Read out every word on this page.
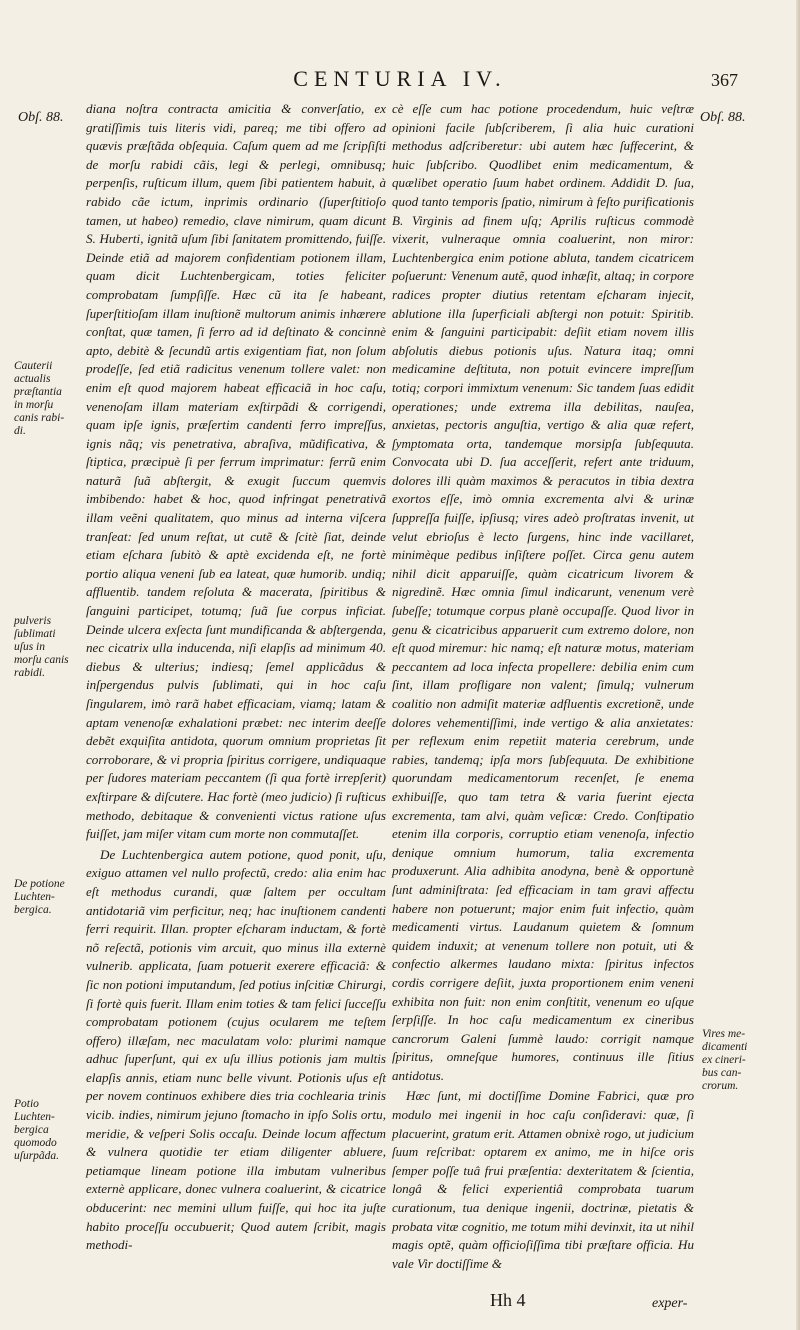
CENTURIA IV.	367
Obſ. 88.	Obſ. 88.

diana noſtra contracta amicitia & converſatio, ex gratiſſimis tuis literis vidi, pareq; me tibi offero ad quævis præſtãda obſequia. Caſum quem ad me ſcripſiſti de morſu rabidi cãis, legi & perlegi, omnibusq; perpenſis, ruſticum illum, quem ſibi patientem habuit, à rabido cãe ictum, inprimis ordinario (ſuperſtitioſo tamen, ut habeo) remedio, clave nimirum, quam dicunt S. Huberti, ignitã uſum ſibi ſanitatem promittendo, fuiſſe. Deinde etiã ad majorem confidentiam potionem illam, quam dicit Luchtenbergicam, toties feliciter comprobatam ſumpſiſſe. Hæc cũ ita ſe habeant, ſuperſtitioſam illam inuſtionẽ multorum animis inhærere conſtat, quæ tamen, ſi ferro ad id deſtinato & concinnè apto, debitè & ſecundũ artis exigentiam fiat, non ſolum prodeſſe, ſed etiã radicitus venenum tollere valet: non enim eſt quod majorem habeat efficaciã in hoc caſu, venenoſam illam materiam exſtirpãdi & corrigendi, quam ipſe ignis, præſertim candenti ferro impreſſus, ignis nãq; vis penetrativa, abraſiva, mũdificativa, & ſtiptica, præcipuè ſi per ferrum imprimatur: ferrũ enim naturã ſuã abſtergit, & exugit ſuccum quemvis imbibendo: habet & hoc, quod infringat penetrativã illam veẽni qualitatem, quo minus ad interna viſcera tranſeat: ſed unum reſtat, ut cutẽ & ſcitè ſiat, deinde etiam eſchara ſubitò & aptè excidenda eſt, ne fortè portio aliqua veneni ſub ea lateat, quæ humorib. undiq; affluentib. tandem reſoluta & macerata, ſpiritibus & ſanguini participet, totumq; ſuã ſue corpus inficiat. Deinde ulcera exſecta ſunt mundificanda & abſtergenda, nec cicatrix ulla inducenda, niſi elapſis ad minimum 40. diebus & ulterius; indiesq; ſemel applicãdus & inſpergendus pulvis ſublimati, qui in hoc caſu ſingularem, imò rarã habet efficaciam, viamq; latam & aptam venenoſæ exhalationi præbet: nec interim deeſſe debẽt exquiſita antidota, quorum omnium proprietas ſit corroborare, & vi propria ſpiritus corrigere, undiquaque per ſudores materiam peccantem (ſi qua fortè irrepſerit) exſtirpare & diſcutere. Hac fortè (meo judicio) ſi ruſticus methodo, debitaque & convenienti victus ratione uſus fuiſſet, jam miſer vitam cum morte non commutaſſet.

De Luchtenbergica autem potione, quod ponit, uſu, exiguo attamen vel nullo profectũ, credo: alia enim hac eſt methodus curandi, quæ ſaltem per occultam antidotariã vim perficitur, neq; hac inuſtionem candenti ferri requirit. Illan. propter eſcharam inductam, & fortè nõ reſectã, potionis vim arcuit, quo minus illa externè vulnerib. applicata, ſuam potuerit exerere efficaciã: & ſic non potioni imputandum, ſed potius inſcitiæ Chirurgi, ſi fortè quis fuerit. Illam enim toties & tam felici ſucceſſu comprobatam potionem (cujus ocularem me teſtem offero) illæſam, nec maculatam volo: plurimi namque adhuc ſuperſunt, qui ex uſu illius potionis jam multis elapſis annis, etiam nunc belle vivunt. Potionis uſus eſt per novem continuos exhibere dies tria cochlearia trinis vicib. indies, nimirum jejuno ſtomacho in ipſo Solis ortu, meridie, & veſperi Solis occaſu. Deinde locum affectum & vulnera quotidie ter etiam diligenter abluere, petiamque lineam potione illa imbutam vulneribus externè applicare, donec vulnera coaluerint, & cicatrice obducerint: nec memini ullum fuiſſe, qui hoc ita juſte habito proceſſu occubuerit; Quod autem ſcribit, magis methodi-

cè eſſe cum hac potione procedendum, huic veſtræ opinioni facile ſubſcriberem, ſi alia huic curationi methodus adſcriberetur: ubi autem hæc ſuffecerint, & huic ſubſcribo. Quodlibet enim medicamentum, & quælibet operatio ſuum habet ordinem. Addidit D. ſua, quod tanto temporis ſpatio, nimirum à feſto purificationis B. Virginis ad finem uſq; Aprilis ruſticus commodè vixerit, vulneraque omnia coaluerint, non miror: Luchtenbergica enim potione abluta, tandem cicatricem poſuerunt: Venenum autẽ, quod inhæſit, altaq; in corpore radices propter diutius retentam eſcharam injecit, ablutione illa ſuperficiali abſtergi non potuit: Spiritib. enim & ſanguini participabit: deſiit etiam novem illis abſolutis diebus potionis uſus. Natura itaq; omni medicamine deſtituta, non potuit evincere impreſſum totiq; corpori immixtum venenum: Sic tandem ſuas edidit operationes; unde extrema illa debilitas, nauſea, anxietas, pectoris anguſtia, vertigo & alia quæ refert, ſymptomata orta, tandemque morsipſa ſubſequuta. Convocata ubi D. ſua acceſſerit, refert ante triduum, dolores illi quàm maximos & peracutos in tibia dextra exortos eſſe, imò omnia excrementa alvi & urinæ ſuppreſſa fuiſſe, ipſiusq; vires adeò proſtratas invenit, ut velut ebrioſus è lecto ſurgens, hinc inde vacillaret, minimèque pedibus inſiſtere poſſet. Circa genu autem nihil dicit apparuiſſe, quàm cicatricum livorem & nigredinẽ. Hæc omnia ſimul indicarunt, venenum verè ſubeſſe; totumque corpus planè occupaſſe. Quod livor in genu & cicatricibus apparuerit cum extremo dolore, non eſt quod miremur: hic namq; eſt naturæ motus, materiam peccantem ad loca infecta propellere: debilia enim cum ſint, illam profligare non valent; ſimulq; vulnerum coalitio non admiſit materiæ adfluentis excretionẽ, unde dolores vehementiſſimi, inde vertigo & alia anxietates: per reflexum enim repetiit materia cerebrum, unde rabies, tandemq; ipſa mors ſubſequuta. De exhibitione quorundam medicamentorum recenſet, ſe enema exhibuiſſe, quo tam tetra & varia fuerint ejecta excrementa, tam alvi, quàm veſicæ: Credo. Conſtipatio etenim illa corporis, corruptio etiam venenoſa, infectio denique omnium humorum, talia excrementa produxerunt. Alia adhibita anodyna, benè & opportunè ſunt adminiſtrata: ſed efficaciam in tam gravi affectu habere non potuerunt; major enim fuit infectio, quàm medicamenti virtus. Laudanum quietem & ſomnum quidem induxit; at venenum tollere non potuit, uti & confectio alkermes laudano mixta: ſpiritus infectos cordis corrigere deſiit, juxta proportionem enim veneni exhibita non fuit: non enim conſtitit, venenum eo uſque ſerpſiſſe. In hoc caſu medicamentum ex cineribus cancrorum Galeni ſummè laudo: corrigit namque ſpiritus, omneſque humores, continuus ille ſitius antidotus.

Hæc ſunt, mi doctiſſime Domine Fabrici, quæ pro modulo mei ingenii in hoc caſu conſideravi: quæ, ſi placuerint, gratum erit. Attamen obnixè rogo, ut judicium ſuum reſcribat: optarem ex animo, me in hiſce oris ſemper poſſe tuâ frui præſentia: dexteritatem & ſcientia, longâ & felici experientiâ comprobata tuarum curationum, tua denique ingenii, doctrinæ, pietatis & probata vitæ cognitio, me totum mihi devinxit, ita ut nihil magis optẽ, quàm officioſiſſima tibi præſtare officia. Hu vale Vir doctiſſime &

Cauterii
actualis
præſtantia
in morſu
canis rabi-
di.
pulveris
ſublimati
uſus in
morſu canis
rabidi.
De potione
Luchten-
bergica.
Potio
Luchten-
bergica
quomodo
uſurpãda.
Vires me-
dicamenti
ex cineri-
bus can-
crorum.
Hh 4	exper-
